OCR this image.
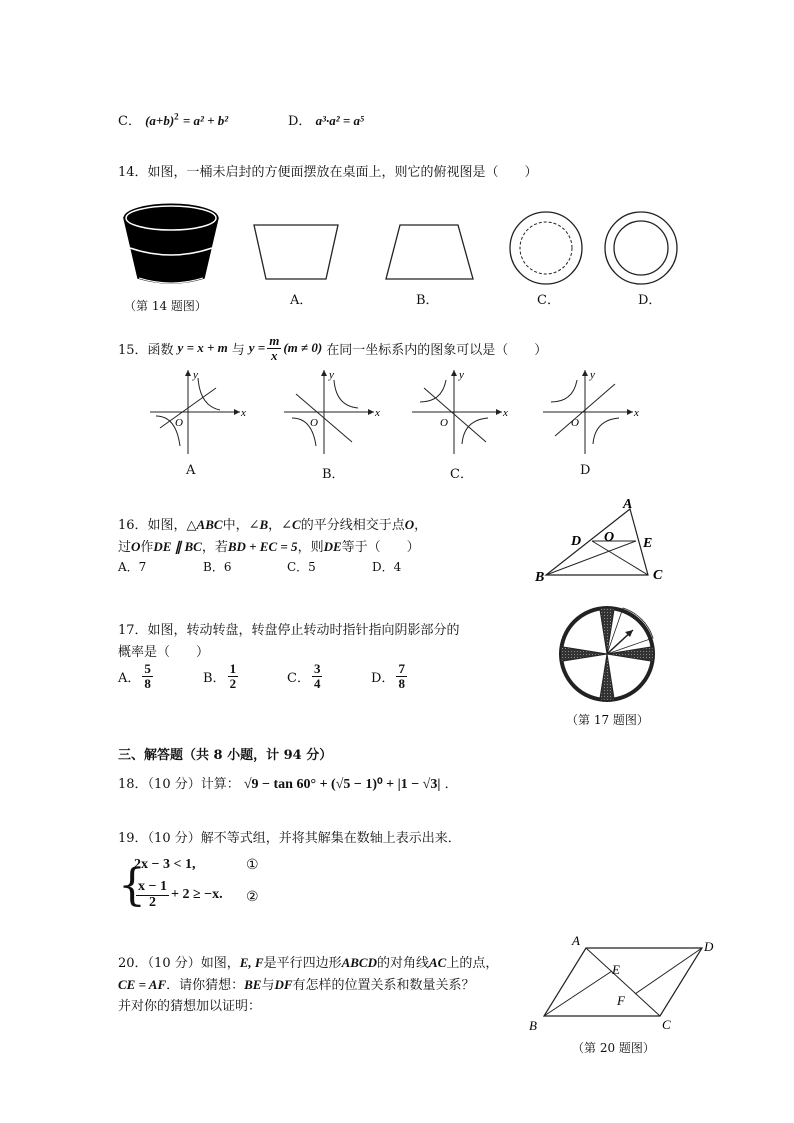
C． $(a+b)^2 = a^2 + b^2$	D． a³·a² = a⁵
14．如图，一桶未启封的方便面摆放在桌面上，则它的俯视图是（　　）
（第 14 题图）	A．	B．	C．	D．
15．函数 y = x + m 与 $y = \frac{m}{x} (m \ne 0)$ 在同一坐标系内的图象可以是（　　）
x
y
O
A
x
y
O
B．
x
y
O
C．
x
y
O
D
16．如图，△ABC中，∠B，∠C的平分线相交于点O，
过O作DE ∥ BC，若BD + EC = 5，则DE等于（　　）
A．7	B．6	C．5	D．4
A
B	C
D	E
O
17．如图，转动转盘，转盘停止转动时指针指向阴影部分的
概率是（　　）
A． $\frac{5}{8}$	B． $\frac{1}{2}$	C． $\frac{3}{4}$	D． $\frac{7}{8}$
（第 17 题图）
三、解答题（共 8 小题，计 94 分）
18．（10 分）计算： √9 − tan 60° + (√5 − 1)⁰ + |1 − √3| ．
19．（10 分）解不等式组，并将其解集在数轴上表示出来．
{
2x − 3 < 1,
$\frac{x - 1}{2} + 2 \ge -x$.
①
②
20．（10 分）如图，E, F是平行四边形ABCD的对角线AC上的点，
CE = AF．请你猜想：BE与DF有怎样的位置关系和数量关系？
并对你的猜想加以证明：
A	D
B	C
E
F
（第 20 题图）
